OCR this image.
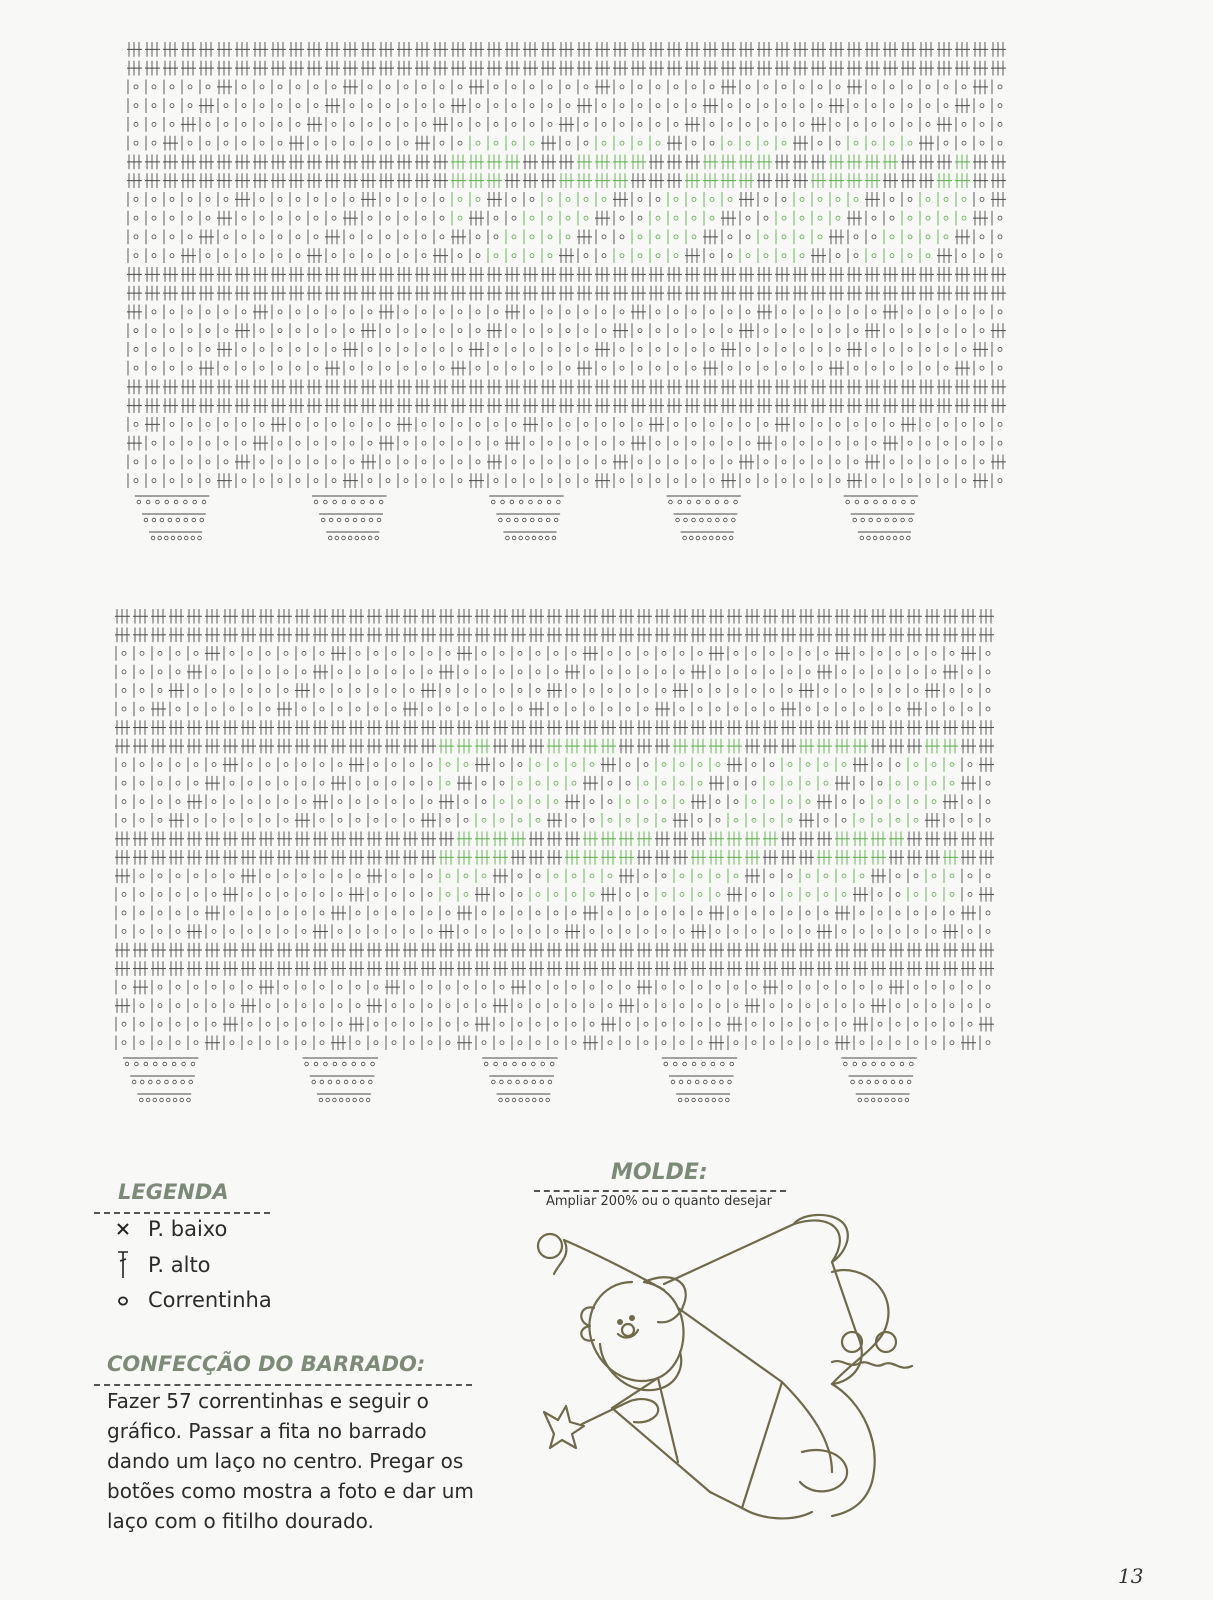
LEGENDA
P. baixo
P. alto
Correntinha
CONFECÇÃO DO BARRADO:

Fazer 57 correntinhas e seguir o gráfico. Passar a fita no barrado dando um laço no centro. Pregar os botões como mostra a foto e dar um laço com o fitilho dourado.

MOLDE:
Ampliar 200% ou o quanto desejar
13
